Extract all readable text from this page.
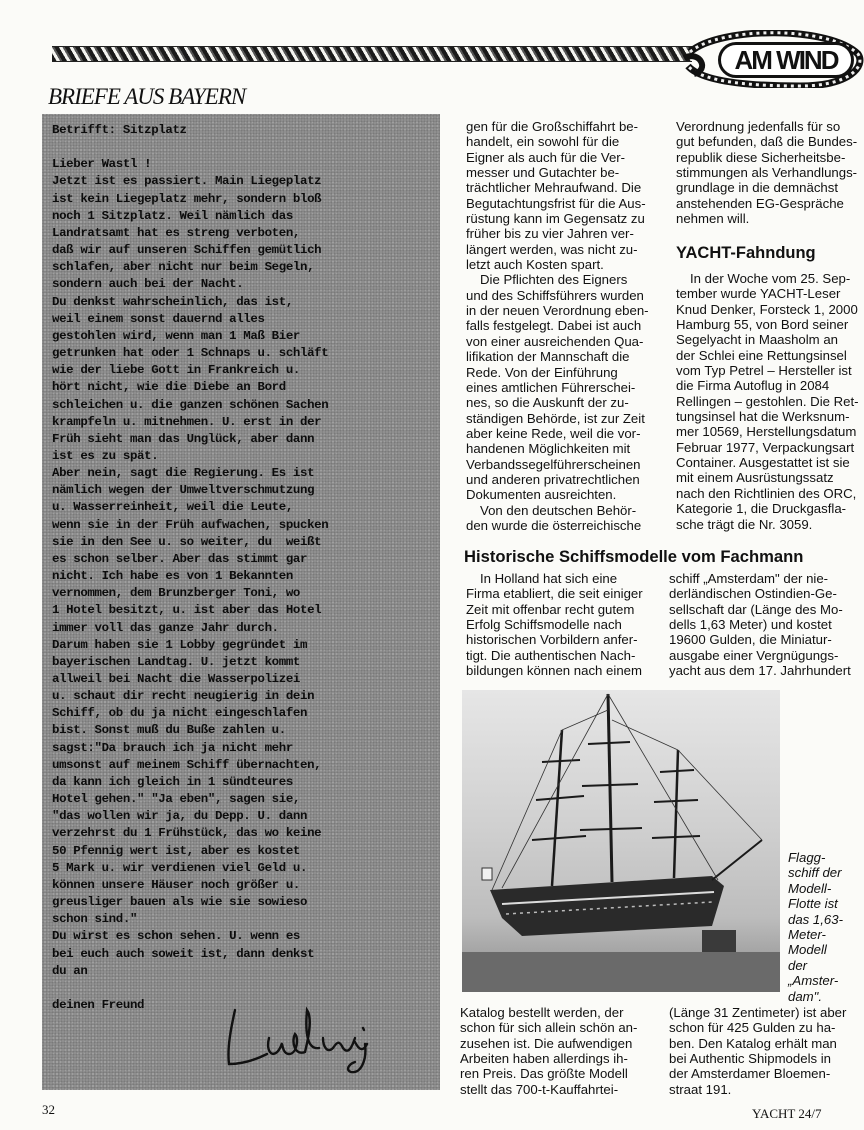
AM WIND
BRIEFE AUS BAYERN

Betrifft: Sitzplatz

Lieber Wastl !

Jetzt ist es passiert. Main Liegeplatz

ist kein Liegeplatz mehr, sondern bloß

noch 1 Sitzplatz. Weil nämlich das

Landratsamt hat es streng verboten,

daß wir auf unseren Schiffen gemütlich

schlafen, aber nicht nur beim Segeln,

sondern auch bei der Nacht.

Du denkst wahrscheinlich, das ist,

weil einem sonst dauernd alles

gestohlen wird, wenn man 1 Maß Bier

getrunken hat oder 1 Schnaps u. schläft

wie der liebe Gott in Frankreich u.

hört nicht, wie die Diebe an Bord

schleichen u. die ganzen schönen Sachen

krampfeln u. mitnehmen. U. erst in der

Früh sieht man das Unglück, aber dann

ist es zu spät.

Aber nein, sagt die Regierung. Es ist

nämlich wegen der Umweltverschmutzung

u. Wasserreinheit, weil die Leute,

wenn sie in der Früh aufwachen, spucken

sie in den See u. so weiter, du  weißt

es schon selber. Aber das stimmt gar

nicht. Ich habe es von 1 Bekannten

vernommen, dem Brunzberger Toni, wo

1 Hotel besitzt, u. ist aber das Hotel

immer voll das ganze Jahr durch.

Darum haben sie 1 Lobby gegründet im

bayerischen Landtag. U. jetzt kommt

allweil bei Nacht die Wasserpolizei

u. schaut dir recht neugierig in dein

Schiff, ob du ja nicht eingeschlafen

bist. Sonst muß du Buße zahlen u.

sagst:"Da brauch ich ja nicht mehr

umsonst auf meinem Schiff übernachten,

da kann ich gleich in 1 sündteures

Hotel gehen." "Ja eben", sagen sie,

"das wollen wir ja, du Depp. U. dann

verzehrst du 1 Frühstück, das wo keine

50 Pfennig wert ist, aber es kostet

5 Mark u. wir verdienen viel Geld u.

können unsere Häuser noch größer u.

greusliger bauen als wie sie sowieso

schon sind."

Du wirst es schon sehen. U. wenn es

bei euch auch soweit ist, dann denkst

du an

deinen Freund

gen für die Großschiffahrt be-
handelt, ein sowohl für die
Eigner als auch für die Ver-
messer und Gutachter be-
trächtlicher Mehraufwand. Die
Begutachtungsfrist für die Aus-
rüstung kann im Gegensatz zu
früher bis zu vier Jahren ver-
längert werden, was nicht zu-
letzt auch Kosten spart.
Die Pflichten des Eigners
und des Schiffsführers wurden
in der neuen Verordnung eben-
falls festgelegt. Dabei ist auch
von einer ausreichenden Qua-
lifikation der Mannschaft die
Rede. Von der Einführung
eines amtlichen Führerschei-
nes, so die Auskunft der zu-
ständigen Behörde, ist zur Zeit
aber keine Rede, weil die vor-
handenen Möglichkeiten mit
Verbandssegelführerscheinen
und anderen privatrechtlichen
Dokumenten ausreichten.
Von den deutschen Behör-
den wurde die österreichische
Verordnung jedenfalls für so
gut befunden, daß die Bundes-
republik diese Sicherheitsbe-
stimmungen als Verhandlungs-
grundlage in die demnächst
anstehenden EG-Gespräche
nehmen will.
YACHT-Fahndung
In der Woche vom 25. Sep-
tember wurde YACHT-Leser
Knud Denker, Forsteck 1, 2000
Hamburg 55, von Bord seiner
Segelyacht in Maasholm an
der Schlei eine Rettungsinsel
vom Typ Petrel – Hersteller ist
die Firma Autoflug in 2084
Rellingen – gestohlen. Die Ret-
tungsinsel hat die Werksnum-
mer 10569, Herstellungsdatum
Februar 1977, Verpackungsart
Container. Ausgestattet ist sie
mit einem Ausrüstungssatz
nach den Richtlinien des ORC,
Kategorie 1, die Druckgasfla-
sche trägt die Nr. 3059.
Historische Schiffsmodelle vom Fachmann
In Holland hat sich eine
Firma etabliert, die seit einiger
Zeit mit offenbar recht gutem
Erfolg Schiffsmodelle nach
historischen Vorbildern anfer-
tigt. Die authentischen Nach-
bildungen können nach einem
schiff „Amsterdam" der nie-
derländischen Ostindien-Ge-
sellschaft dar (Länge des Mo-
dells 1,63 Meter) und kostet
19600 Gulden, die Miniatur-
ausgabe einer Vergnügungs-
yacht aus dem 17. Jahrhundert
Flagg-
schiff der
Modell-
Flotte ist
das 1,63-
Meter-
Modell
der
„Amster-
dam".
Katalog bestellt werden, der
schon für sich allein schön an-
zusehen ist. Die aufwendigen
Arbeiten haben allerdings ih-
ren Preis. Das größte Modell
stellt das 700-t-Kauffahrtei-
(Länge 31 Zentimeter) ist aber
schon für 425 Gulden zu ha-
ben. Den Katalog erhält man
bei Authentic Shipmodels in
der Amsterdamer Bloemen-
straat 191.
32	YACHT 24/7
